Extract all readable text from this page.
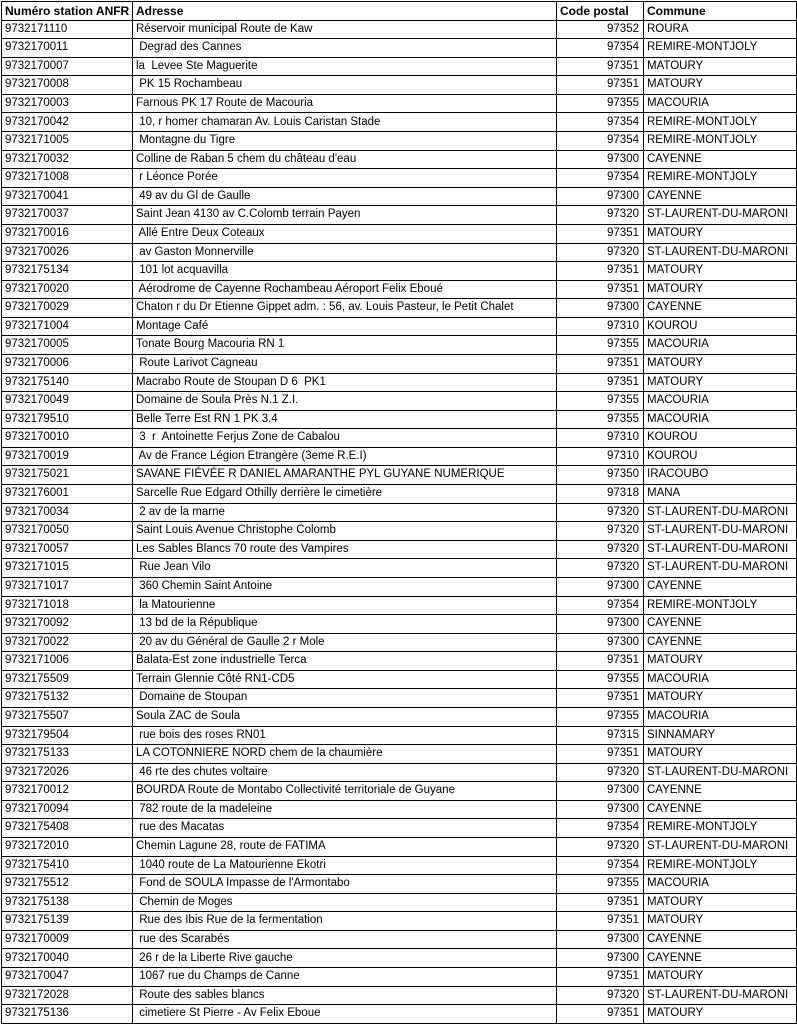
Numéro station ANFR	Adresse	Code postal	Commune
9732171110	Réservoir municipal Route de Kaw	97352	ROURA
9732170011	Degrad des Cannes	97354	REMIRE-MONTJOLY
9732170007	la  Levee Ste Maguerite	97351	MATOURY
9732170008	PK 15 Rochambeau	97351	MATOURY
9732170003	Farnous PK 17 Route de Macouria	97355	MACOURIA
9732170042	10, r homer chamaran Av. Louis Caristan Stade	97354	REMIRE-MONTJOLY
9732171005	Montagne du Tigre	97354	REMIRE-MONTJOLY
9732170032	Colline de Raban 5 chem du château d'eau	97300	CAYENNE
9732171008	r Léonce Porée	97354	REMIRE-MONTJOLY
9732170041	49 av du Gl de Gaulle	97300	CAYENNE
9732170037	Saint Jean 4130 av C.Colomb terrain Payen	97320	ST-LAURENT-DU-MARONI
9732170016	Allé Entre Deux Coteaux	97351	MATOURY
9732170026	av Gaston Monnerville	97320	ST-LAURENT-DU-MARONI
9732175134	101 lot acquavilla	97351	MATOURY
9732170020	Aérodrome de Cayenne Rochambeau Aéroport Felix Eboué	97351	MATOURY
9732170029	Chaton r du Dr Etienne Gippet adm. : 56, av. Louis Pasteur, le Petit Chalet	97300	CAYENNE
9732171004	Montage Café	97310	KOUROU
9732170005	Tonate Bourg Macouria RN 1	97355	MACOURIA
9732170006	Route Larivot Cagneau	97351	MATOURY
9732175140	Macrabo Route de Stoupan D 6  PK1	97351	MATOURY
9732170049	Domaine de Soula Près N.1 Z.I.	97355	MACOURIA
9732179510	Belle Terre Est RN 1 PK 3.4	97355	MACOURIA
9732170010	3  r  Antoinette Ferjus Zone de Cabalou	97310	KOUROU
9732170019	Av de France Légion Etrangère (3eme R.E.I)	97310	KOUROU
9732175021	SAVANE FIÉVÉE R DANIEL AMARANTHE PYL GUYANE NUMERIQUE	97350	IRACOUBO
9732176001	Sarcelle Rue Edgard Othilly derrière le cimetière	97318	MANA
9732170034	2 av de la marne	97320	ST-LAURENT-DU-MARONI
9732170050	Saint Louis Avenue Christophe Colomb	97320	ST-LAURENT-DU-MARONI
9732170057	Les Sables Blancs 70 route des Vampires	97320	ST-LAURENT-DU-MARONI
9732171015	Rue Jean Vilo	97320	ST-LAURENT-DU-MARONI
9732171017	360 Chemin Saint Antoine	97300	CAYENNE
9732171018	la Matourienne	97354	REMIRE-MONTJOLY
9732170092	13 bd de la République	97300	CAYENNE
9732170022	20 av du Général de Gaulle 2 r Mole	97300	CAYENNE
9732171006	Balata-Est zone industrielle Terca	97351	MATOURY
9732175509	Terrain Glennie Côté RN1-CD5	97355	MACOURIA
9732175132	Domaine de Stoupan	97351	MATOURY
9732175507	Soula ZAC de Soula	97355	MACOURIA
9732179504	rue bois des roses RN01	97315	SINNAMARY
9732175133	LA COTONNIERE NORD chem de la chaumière	97351	MATOURY
9732172026	46 rte des chutes voltaire	97320	ST-LAURENT-DU-MARONI
9732170012	BOURDA Route de Montabo Collectivité territoriale de Guyane	97300	CAYENNE
9732170094	782 route de la madeleine	97300	CAYENNE
9732175408	rue des Macatas	97354	REMIRE-MONTJOLY
9732172010	Chemin Lagune 28, route de FATIMA	97320	ST-LAURENT-DU-MARONI
9732175410	1040 route de La Matourienne Ekotri	97354	REMIRE-MONTJOLY
9732175512	Fond de SOULA Impasse de l'Armontabo	97355	MACOURIA
9732175138	Chemin de Moges	97351	MATOURY
9732175139	Rue des Ibis Rue de la fermentation	97351	MATOURY
9732170009	rue des Scarabés	97300	CAYENNE
9732170040	26 r de la Liberte Rive gauche	97300	CAYENNE
9732170047	1067 rue du Champs de Canne	97351	MATOURY
9732172028	Route des sables blancs	97320	ST-LAURENT-DU-MARONI
9732175136	cimetiere St Pierre - Av Felix Eboue	97351	MATOURY
